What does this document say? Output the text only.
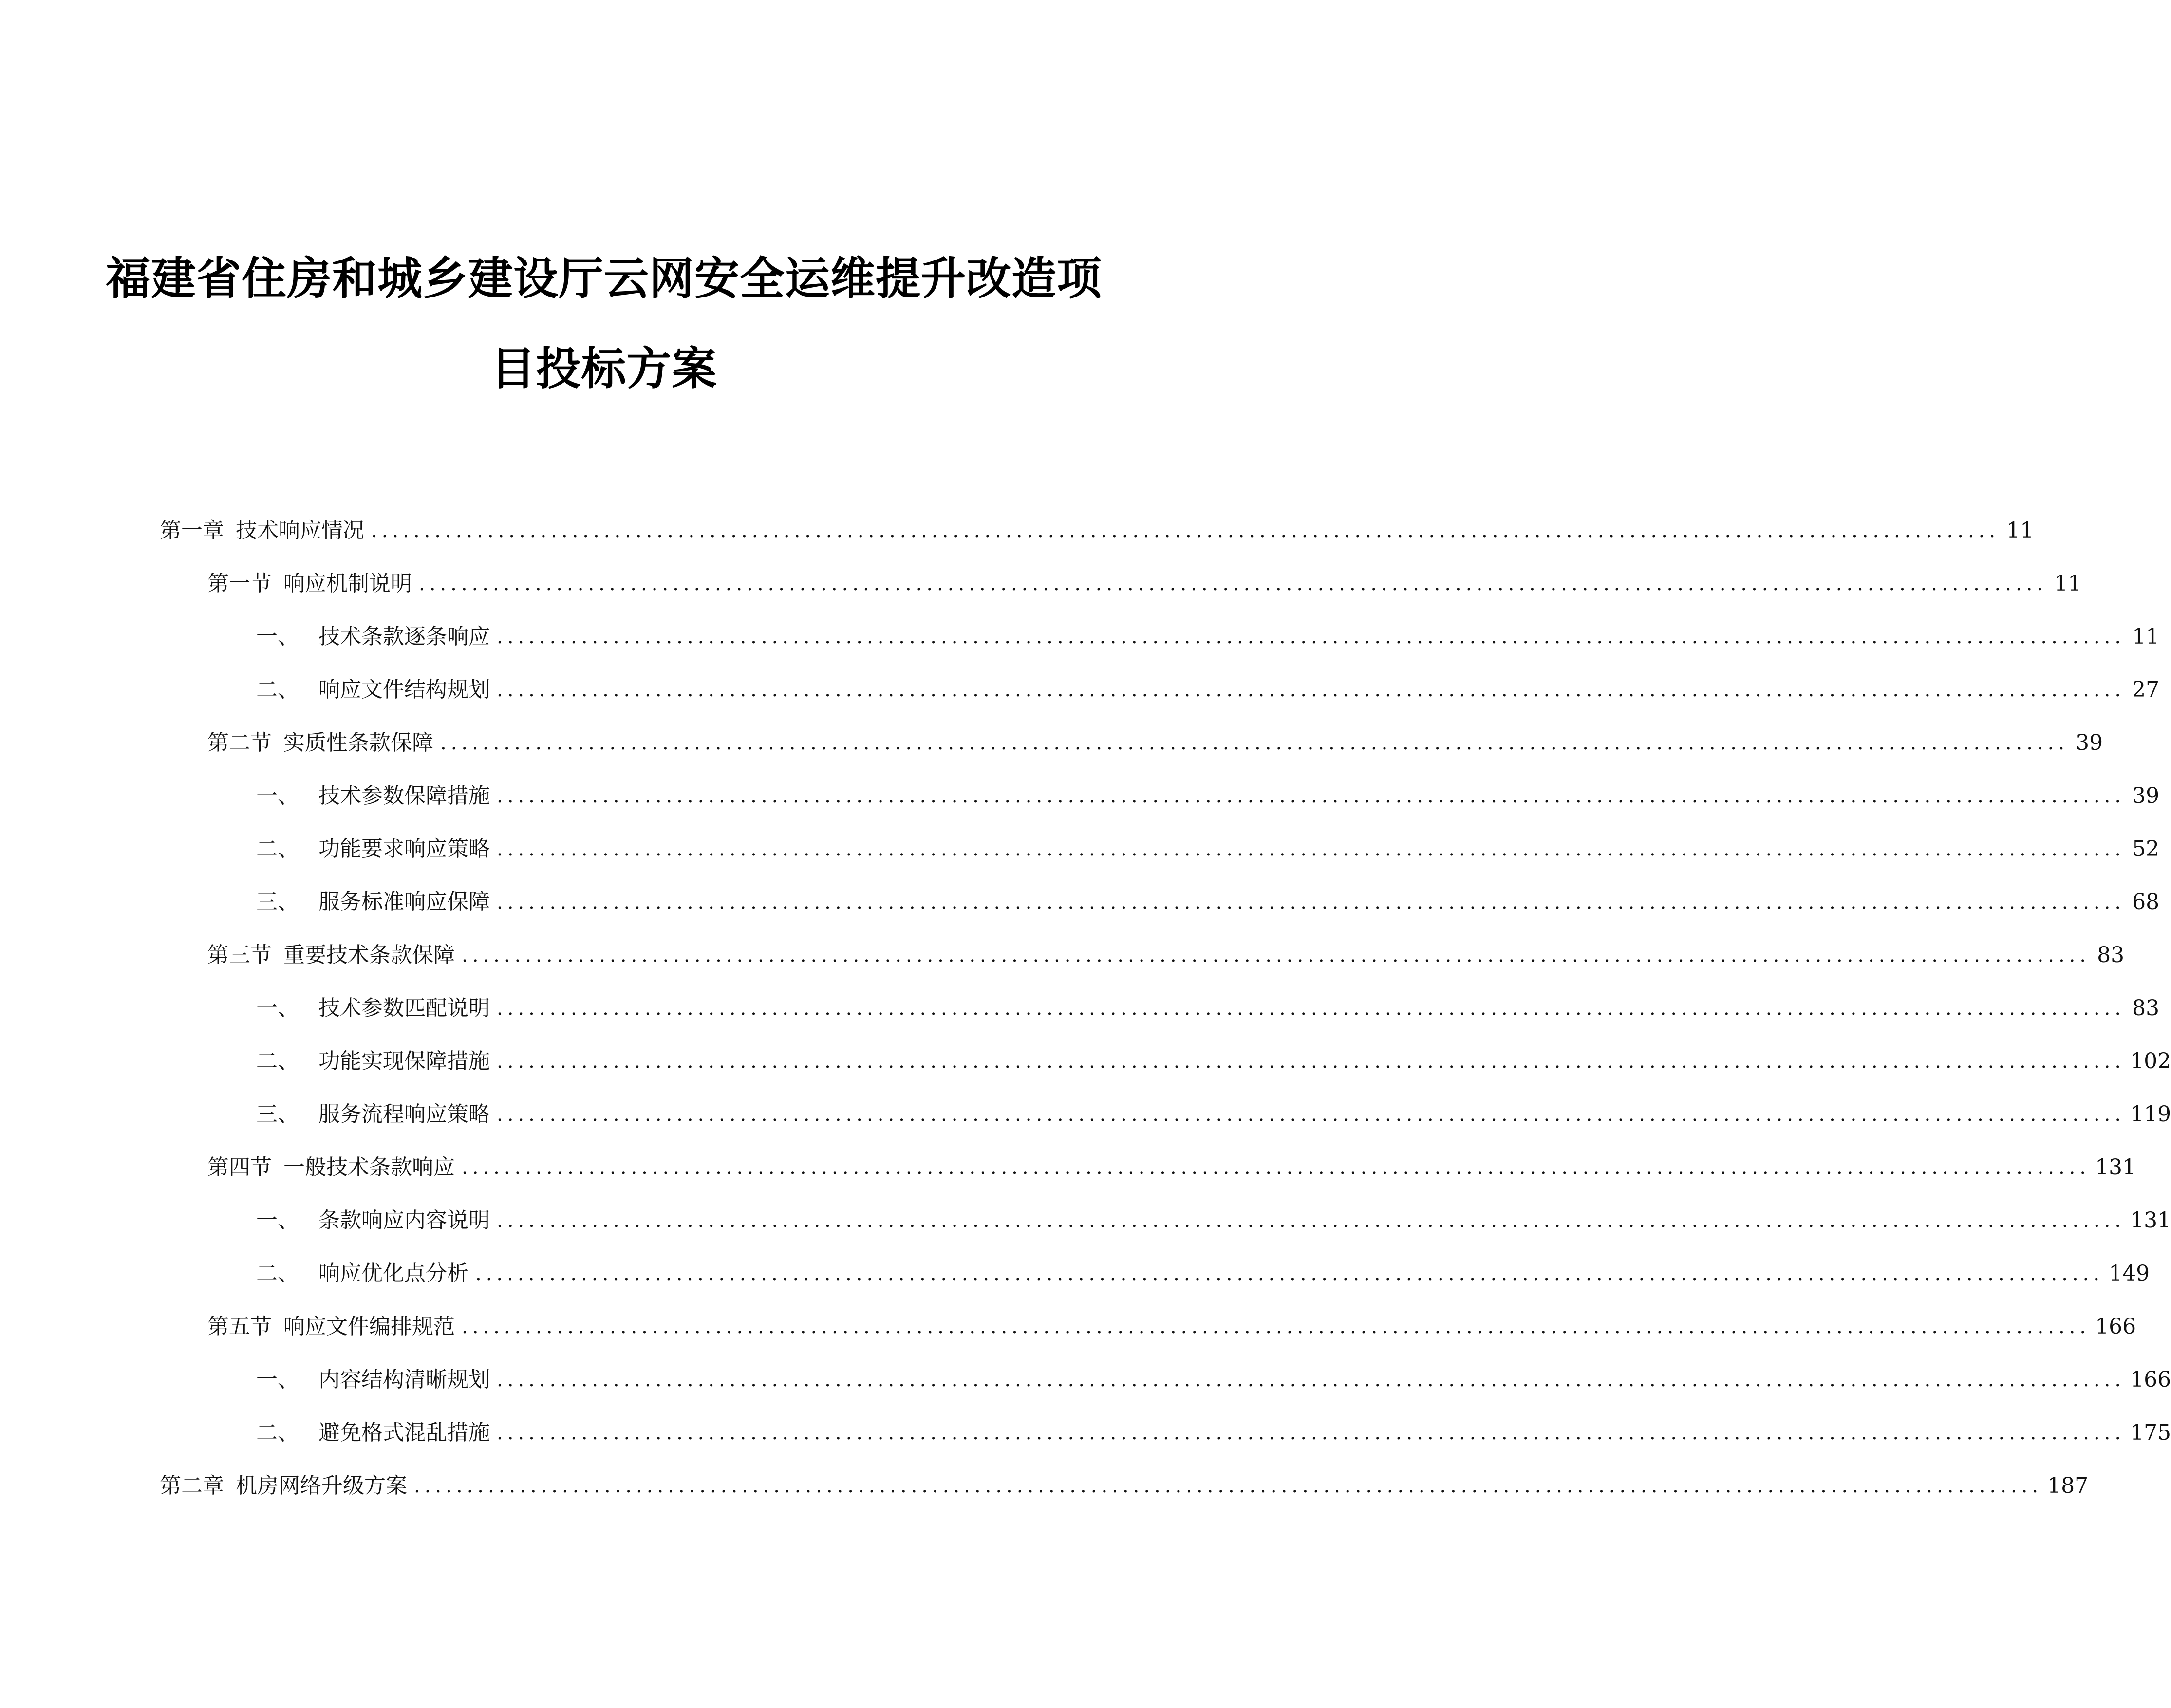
福建省住房和城乡建设厅云网安全运维提升改造项
目投标方案
第一章 技术响应情况 .......................................................................................................................................................... 11
第一节 响应机制说明 .......................................................................................................................................................... 11
一、 技术条款逐条响应 .......................................................................................................................................................... 11
二、 响应文件结构规划 .......................................................................................................................................................... 27
第二节 实质性条款保障 .......................................................................................................................................................... 39
一、 技术参数保障措施 .......................................................................................................................................................... 39
二、 功能要求响应策略 .......................................................................................................................................................... 52
三、 服务标准响应保障 .......................................................................................................................................................... 68
第三节 重要技术条款保障 .......................................................................................................................................................... 83
一、 技术参数匹配说明 .......................................................................................................................................................... 83
二、 功能实现保障措施 .......................................................................................................................................................... 102
三、 服务流程响应策略 .......................................................................................................................................................... 119
第四节 一般技术条款响应 .......................................................................................................................................................... 131
一、 条款响应内容说明 .......................................................................................................................................................... 131
二、 响应优化点分析 .......................................................................................................................................................... 149
第五节 响应文件编排规范 .......................................................................................................................................................... 166
一、 内容结构清晰规划 .......................................................................................................................................................... 166
二、 避免格式混乱措施 .......................................................................................................................................................... 175
第二章 机房网络升级方案 .......................................................................................................................................................... 187
